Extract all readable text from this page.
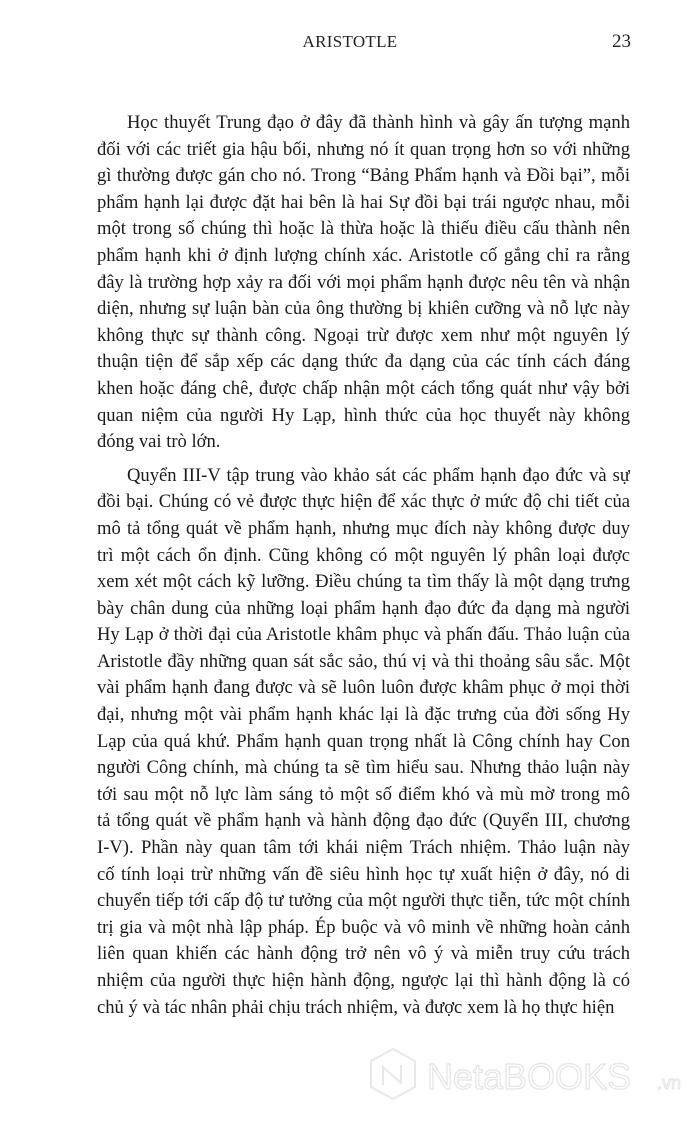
ARISTOTLE	23
Học thuyết Trung đạo ở đây đã thành hình và gây ấn tượng mạnh
đối với các triết gia hậu bối, nhưng nó ít quan trọng hơn so với những
gì thường được gán cho nó. Trong “Bảng Phẩm hạnh và Đồi bại”, mỗi
phẩm hạnh lại được đặt hai bên là hai Sự đồi bại trái ngược nhau, mỗi
một trong số chúng thì hoặc là thừa hoặc là thiếu điều cấu thành nên
phẩm hạnh khi ở định lượng chính xác. Aristotle cố gắng chỉ ra rằng
đây là trường hợp xảy ra đối với mọi phẩm hạnh được nêu tên và nhận
diện, nhưng sự luận bàn của ông thường bị khiên cưỡng và nỗ lực này
không thực sự thành công. Ngoại trừ được xem như một nguyên lý
thuận tiện để sắp xếp các dạng thức đa dạng của các tính cách đáng
khen hoặc đáng chê, được chấp nhận một cách tổng quát như vậy bởi
quan niệm của người Hy Lạp, hình thức của học thuyết này không
đóng vai trò lớn.
Quyển III-V tập trung vào khảo sát các phẩm hạnh đạo đức và sự
đồi bại. Chúng có vẻ được thực hiện để xác thực ở mức độ chi tiết của
mô tả tổng quát về phẩm hạnh, nhưng mục đích này không được duy
trì một cách ổn định. Cũng không có một nguyên lý phân loại được
xem xét một cách kỹ lưỡng. Điều chúng ta tìm thấy là một dạng trưng
bày chân dung của những loại phẩm hạnh đạo đức đa dạng mà người
Hy Lạp ở thời đại của Aristotle khâm phục và phấn đấu. Thảo luận của
Aristotle đầy những quan sát sắc sảo, thú vị và thi thoảng sâu sắc. Một
vài phẩm hạnh đang được và sẽ luôn luôn được khâm phục ở mọi thời
đại, nhưng một vài phẩm hạnh khác lại là đặc trưng của đời sống Hy
Lạp của quá khứ. Phẩm hạnh quan trọng nhất là Công chính hay Con
người Công chính, mà chúng ta sẽ tìm hiểu sau. Nhưng thảo luận này
tới sau một nỗ lực làm sáng tỏ một số điểm khó và mù mờ trong mô
tả tổng quát về phẩm hạnh và hành động đạo đức (Quyển III, chương
I-V). Phần này quan tâm tới khái niệm Trách nhiệm. Thảo luận này
cố tính loại trừ những vấn đề siêu hình học tự xuất hiện ở đây, nó di
chuyển tiếp tới cấp độ tư tưởng của một người thực tiễn, tức một chính
trị gia và một nhà lập pháp. Ép buộc và vô minh về những hoàn cảnh
liên quan khiến các hành động trở nên vô ý và miễn truy cứu trách
nhiệm của người thực hiện hành động, ngược lại thì hành động là có
chủ ý và tác nhân phải chịu trách nhiệm, và được xem là họ thực hiện
NetaBOOKS .vn
